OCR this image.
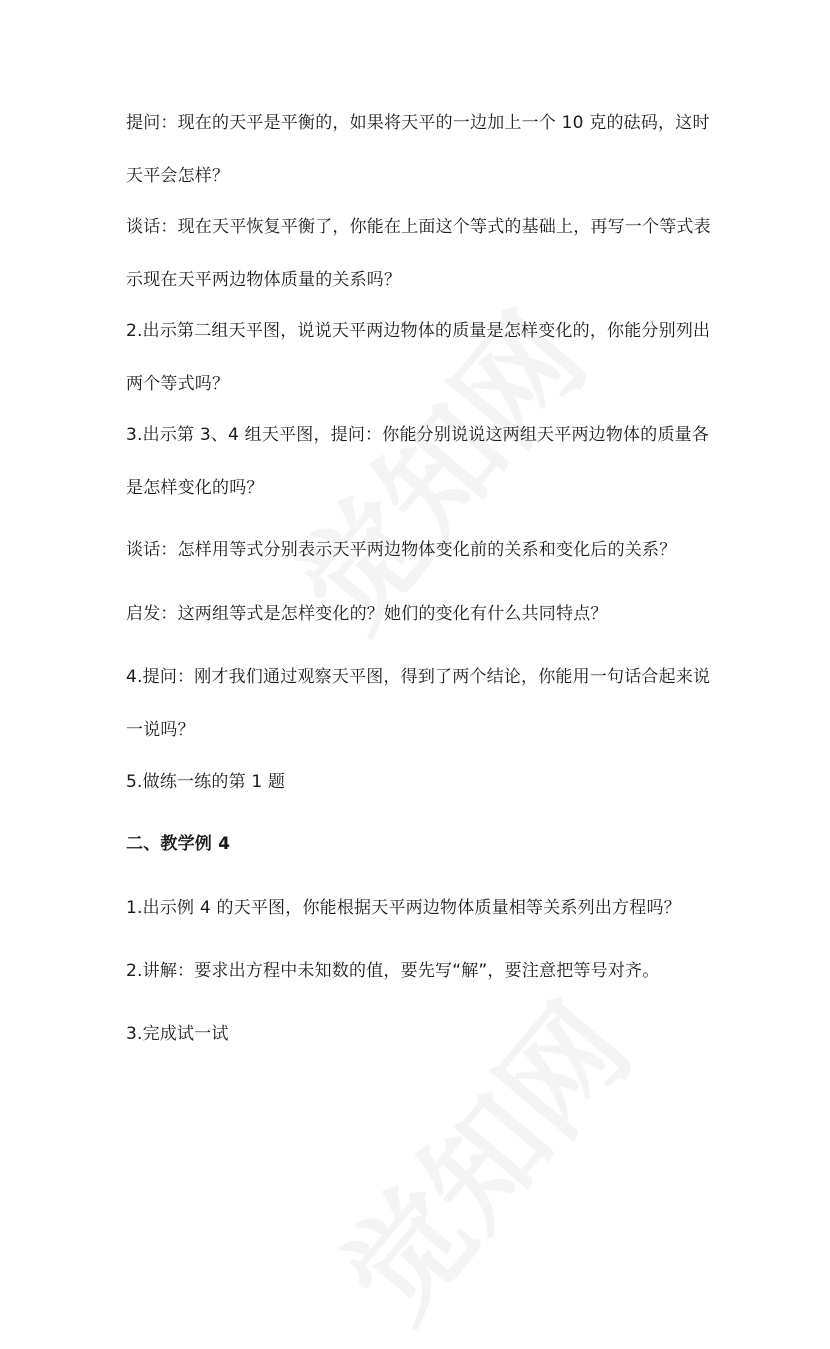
提问：现在的天平是平衡的，如果将天平的一边加上一个 10 克的砝码，这时天平会怎样？

谈话：现在天平恢复平衡了，你能在上面这个等式的基础上，再写一个等式表示现在天平两边物体质量的关系吗？

2.出示第二组天平图，说说天平两边物体的质量是怎样变化的，你能分别列出两个等式吗？

3.出示第 3、4 组天平图，提问：你能分别说说这两组天平两边物体的质量各是怎样变化的吗？

谈话：怎样用等式分别表示天平两边物体变化前的关系和变化后的关系？

启发：这两组等式是怎样变化的？她们的变化有什么共同特点？

4.提问：刚才我们通过观察天平图，得到了两个结论，你能用一句话合起来说一说吗？

5.做练一练的第 1 题

二、教学例 4

1.出示例 4 的天平图，你能根据天平两边物体质量相等关系列出方程吗？

2.讲解：要求出方程中未知数的值，要先写“解”，要注意把等号对齐。

3.完成试一试
